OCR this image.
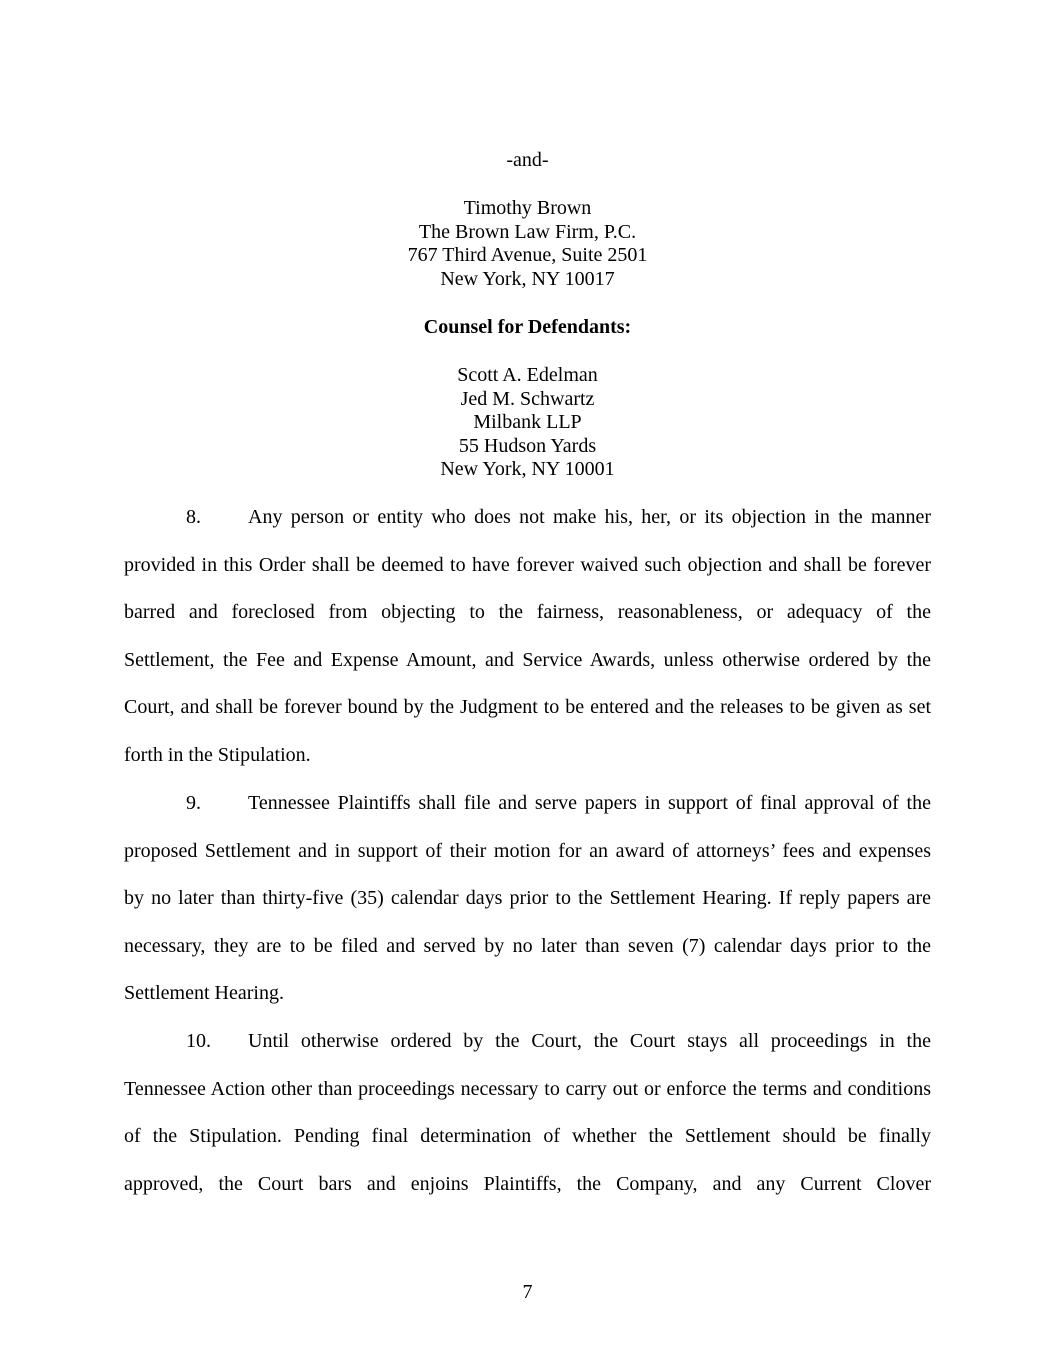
-and-
Timothy Brown
The Brown Law Firm, P.C.
767 Third Avenue, Suite 2501
New York, NY 10017
Counsel for Defendants:
Scott A. Edelman
Jed M. Schwartz
Milbank LLP
55 Hudson Yards
New York, NY 10001
8. Any person or entity who does not make his, her, or its objection in the manner
provided in this Order shall be deemed to have forever waived such objection and shall be forever
barred and foreclosed from objecting to the fairness, reasonableness, or adequacy of the
Settlement, the Fee and Expense Amount, and Service Awards, unless otherwise ordered by the
Court, and shall be forever bound by the Judgment to be entered and the releases to be given as set
forth in the Stipulation.
9. Tennessee Plaintiffs shall file and serve papers in support of final approval of the
proposed Settlement and in support of their motion for an award of attorneys’ fees and expenses
by no later than thirty-five (35) calendar days prior to the Settlement Hearing. If reply papers are
necessary, they are to be filed and served by no later than seven (7) calendar days prior to the
Settlement Hearing.
10. Until otherwise ordered by the Court, the Court stays all proceedings in the
Tennessee Action other than proceedings necessary to carry out or enforce the terms and conditions
of the Stipulation. Pending final determination of whether the Settlement should be finally
approved, the Court bars and enjoins Plaintiffs, the Company, and any Current Clover
7
